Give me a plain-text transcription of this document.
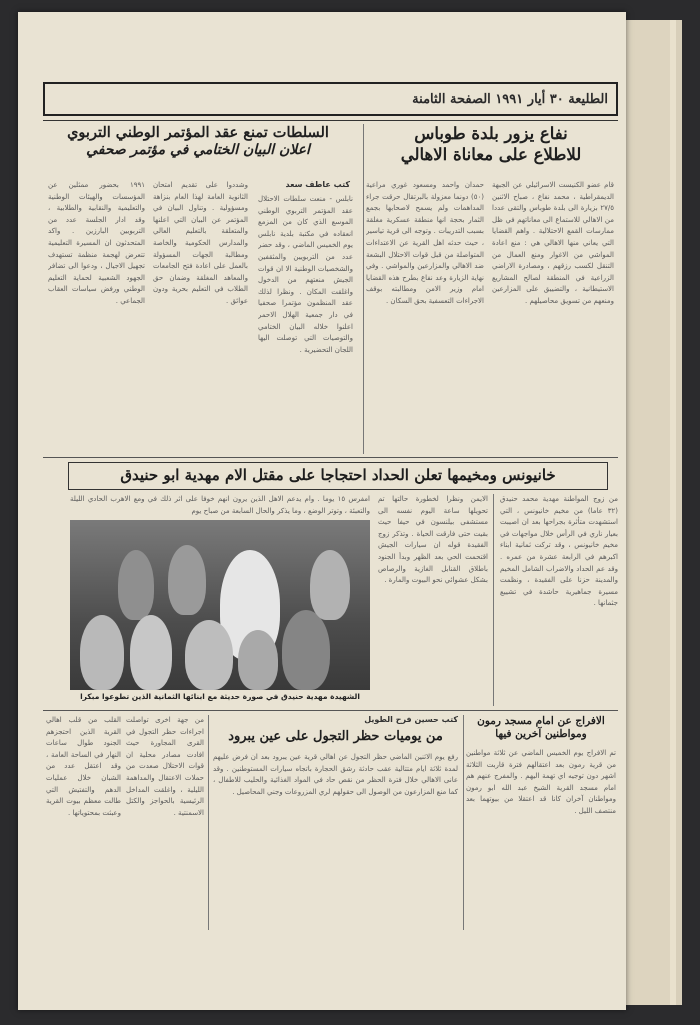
الطليعة ٣٠ أيار ١٩٩١ الصفحة الثامنة
نفاع يزور بلدة طوباس
للاطلاع على معاناة الاهالي
قام عضو الكنيست الاسرائيلي عن الجبهة الديمقراطية ، محمد نفاع ، صباح الاثنين ٢٧/٥ بزيارة الى بلدة طوباس والتقى عددا من الاهالي للاستماع الى معاناتهم في ظل ممارسات القمع الاحتلالية . واهم القضايا التي يعاني منها الاهالي هي : منع اعادة المواشي من الاغوار ومنع العمال من التنقل لكسب رزقهم ، ومصادرة الاراضي الزراعية في المنطقة لصالح المشاريع الاستيطانية ، والتضييق على المزارعين ومنعهم من تسويق محاصيلهم .
حمدان واحمد ومسعود غوري مراعية (٥٠) دونما معزولة بالبرتقال حرقت جراء المداهمات ولم يسمح لاصحابها بجمع الثمار بحجة انها منطقة عسكرية مغلقة بسبب التدريبات . وتوجه الى قرية تياسير ، حيث حدثه اهل القرية عن الاعتداءات المتواصلة من قبل قوات الاحتلال البشعة ضد الاهالي والمزارعين والمواشي . وفي نهاية الزيارة وعد نفاع بطرح هذه القضايا امام وزير الامن ومطالبته بوقف الاجراءات التعسفية بحق السكان .
السلطات تمنع عقد المؤتمر الوطني التربوي
اعلان البيان الختامي في مؤتمر صحفي
كتب عاطف سعد
نابلس - منعت سلطات الاحتلال عقد المؤتمر التربوي الوطني الموسع الذي كان من المزمع انعقاده في مكتبة بلدية نابلس يوم الخميس الماضي ، وقد حضر عدد من التربويين والمثقفين والشخصيات الوطنية الا ان قوات الجيش منعتهم من الدخول واغلقت المكان . ونظرا لذلك عقد المنظمون مؤتمرا صحفيا في دار جمعية الهلال الاحمر اعلنوا خلاله البيان الختامي والتوصيات التي توصلت اليها اللجان التحضيرية .
وشددوا على تقديم امتحان الثانوية العامة لهذا العام بنزاهة ومسؤولية . وتناول البيان في المؤتمر عن البيان التي اعلنها والمتعلقة بالتعليم العالي والمدارس الحكومية والخاصة ومطالبة الجهات المسؤولة بالعمل على اعادة فتح الجامعات والمعاهد المغلقة وضمان حق الطلاب في التعليم بحرية ودون عوائق .
١٩٩١ بحضور ممثلين عن المؤسسات والهيئات الوطنية والتعليمية والنقابية والطلابية ، وقد ادار الجلسة عدد من التربويين البارزين . واكد المتحدثون ان المسيرة التعليمية تتعرض لهجمة منظمة تستهدف تجهيل الاجيال ، ودعوا الى تضافر الجهود الشعبية لحماية التعليم الوطني ورفض سياسات العقاب الجماعي .
خانيونس ومخيمها تعلن الحداد احتجاجا على مقتل الام مهدية ابو حنيدق
امفرس ١٥ يوما . وام يدعم الاهل الذين يرون انهم خوفا على اثر ذلك في ومع الاهرب الحادي الليلة والتعبئة ، وتوتر الوضع ، وما يذكر والحال السابعة من صباح يوم
الشهيدة مهدية حنيدق في صورة حديثة مع ابنائها الثمانية الذين تطوعوا مبكرا
الايمن ونظرا لخطورة حالتها تم تحويلها ساعة اليوم نفسه الى مستشفى بيلنسون في حيفا حيث بقيت حتى فارقت الحياة . وتذكر زوج الفقيدة قوله ان سيارات الجيش اقتحمت الحي بعد الظهر وبدأ الجنود باطلاق القنابل الغازية والرصاص بشكل عشوائي نحو البيوت والمارة .
من زوج المواطنة مهدية محمد حنيدق (٣٢ عاما) من مخيم خانيونس ، التي استشهدت متأثرة بجراحها بعد ان اصيبت بعيار ناري في الرأس خلال مواجهات في مخيم خانيونس ، وقد تركت ثمانية ابناء اكبرهم في الرابعة عشرة من عمره . وقد عم الحداد والاضراب الشامل المخيم والمدينة حزنا على الفقيدة ، ونظمت مسيرة جماهيرية حاشدة في تشييع جثمانها .
الافراج عن امام مسجد رمون
ومواطنين آخرين فيها
تم الافراج يوم الخميس الماضي عن ثلاثة مواطنين من قرية رمون بعد اعتقالهم فترة قاربت الثلاثة اشهر دون توجيه اي تهمة اليهم . والمفرج عنهم هم امام مسجد القرية الشيخ عبد الله ابو رمون ومواطنان آخران كانا قد اعتقلا من بيوتهما بعد منتصف الليل .
كتب حسين فرح الطويل
من يوميات حظر التجول على عين يبرود
رفع يوم الاثنين الماضي حظر التجول عن اهالي قرية عين يبرود بعد ان فرض عليهم لمدة ثلاثة ايام متتالية عقب حادثة رشق الحجارة باتجاه سيارات المستوطنين . وقد عانى الاهالي خلال فترة الحظر من نقص حاد في المواد الغذائية والحليب للاطفال ، كما منع المزارعون من الوصول الى حقولهم لري المزروعات وجني المحاصيل .
القلب من قلب اهالي القرية الذين احتجزهم الجنود طوال ساعات النهار في الساحة العامة ، وقد اعتقل عدد من الشبان خلال عمليات الدهم والتفتيش التي طالت معظم بيوت القرية وعبثت بمحتوياتها .
من جهة اخرى تواصلت اجراءات حظر التجول في القرى المجاورة حيث افادت مصادر محلية ان قوات الاحتلال صعدت من حملات الاعتقال والمداهمة الليلية ، واغلقت المداخل الرئيسية بالحواجز والكتل الاسمنتية .
